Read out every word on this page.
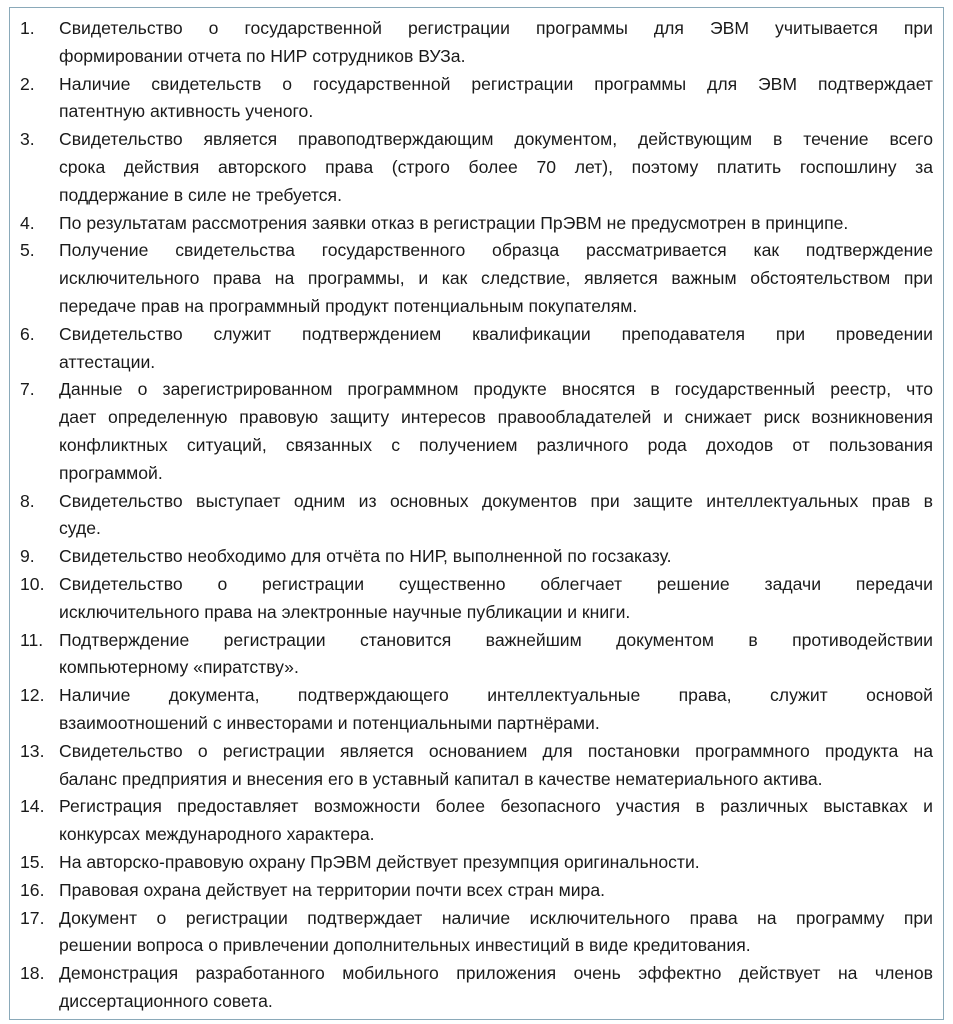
1.	Свидетельство о государственной регистрации программы для ЭВМ учитывается при
формировании отчета по НИР сотрудников ВУЗа.
2.	Наличие свидетельств о государственной регистрации программы для ЭВМ подтверждает
патентную активность ученого.
3.	Свидетельство является правоподтверждающим документом, действующим в течение всего
срока действия авторского права (строго более 70 лет), поэтому платить госпошлину за
поддержание в силе не требуется.
4.	По результатам рассмотрения заявки отказ в регистрации ПрЭВМ не предусмотрен в принципе.
5.	Получение свидетельства государственного образца рассматривается как подтверждение
исключительного права на программы, и как следствие, является важным обстоятельством при
передаче прав на программный продукт потенциальным покупателям.
6.	Свидетельство служит подтверждением квалификации преподавателя при проведении
аттестации.
7.	Данные о зарегистрированном программном продукте вносятся в государственный реестр, что
дает определенную правовую защиту интересов правообладателей и снижает риск возникновения
конфликтных ситуаций, связанных с получением различного рода доходов от пользования
программой.
8.	Свидетельство выступает одним из основных документов при защите интеллектуальных прав в
суде.
9.	Свидетельство необходимо для отчёта по НИР, выполненной по госзаказу.
10. Свидетельство о регистрации существенно облегчает решение задачи передачи
исключительного права на электронные научные публикации и книги.
11. Подтверждение регистрации становится важнейшим документом в противодействии
компьютерному «пиратству».
12. Наличие документа, подтверждающего интеллектуальные права, служит основой
взаимоотношений с инвесторами и потенциальными партнёрами.
13. Свидетельство о регистрации является основанием для постановки программного продукта на
баланс предприятия и внесения его в уставный капитал в качестве нематериального актива.
14. Регистрация предоставляет возможности более безопасного участия в различных выставках и
конкурсах международного характера.
15. На авторско-правовую охрану ПрЭВМ действует презумпция оригинальности.
16. Правовая охрана действует на территории почти всех стран мира.
17. Документ о регистрации подтверждает наличие исключительного права на программу при
решении вопроса о привлечении дополнительных инвестиций в виде кредитования.
18. Демонстрация разработанного мобильного приложения очень эффектно действует на членов
диссертационного совета.
